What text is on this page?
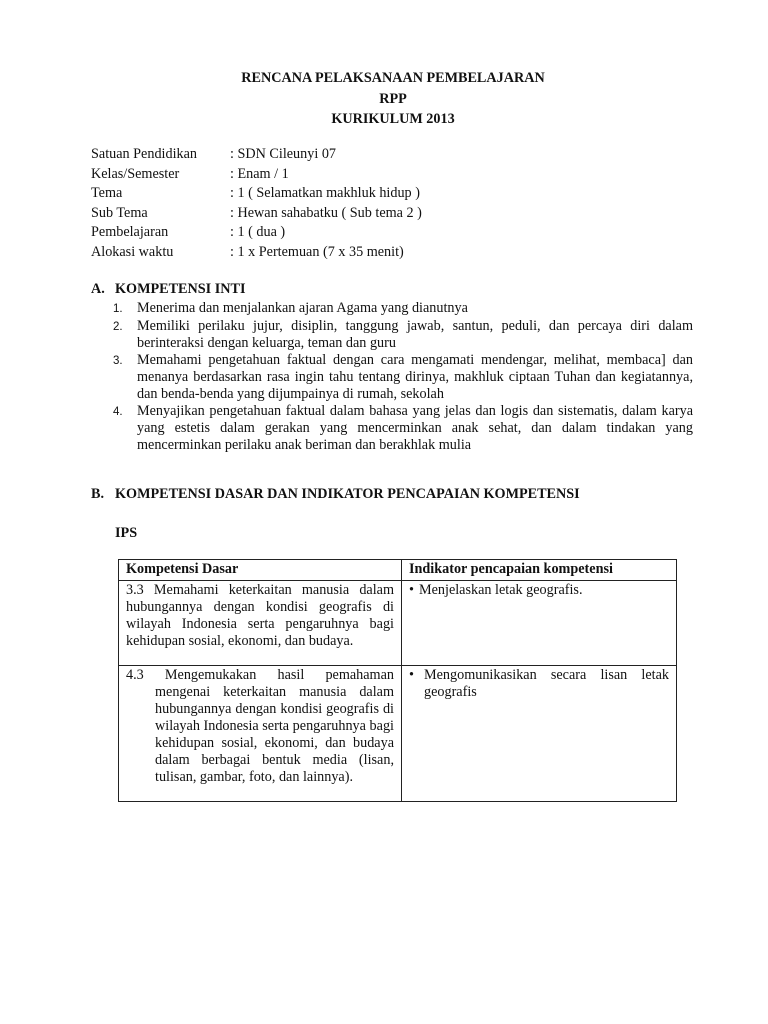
RENCANA PELAKSANAAN PEMBELAJARAN
RPP
KURIKULUM 2013
Satuan Pendidikan	: SDN Cileunyi 07
Kelas/Semester	: Enam / 1
Tema	: 1 ( Selamatkan makhluk hidup )
Sub Tema	: Hewan sahabatku ( Sub tema 2 )
Pembelajaran	: 1 ( dua )
Alokasi waktu	: 1 x Pertemuan (7 x 35 menit)
A. KOMPETENSI INTI
1.	Menerima dan menjalankan ajaran Agama yang dianutnya
2.	Memiliki perilaku jujur, disiplin, tanggung jawab, santun, peduli, dan percaya diri dalam berinteraksi dengan keluarga, teman dan guru
3.	Memahami pengetahuan faktual dengan cara mengamati mendengar, melihat, membaca] dan menanya berdasarkan rasa ingin tahu tentang dirinya, makhluk ciptaan Tuhan dan kegiatannya, dan benda-benda yang dijumpainya di rumah, sekolah
4.	Menyajikan pengetahuan faktual dalam bahasa yang jelas dan logis dan sistematis, dalam karya yang estetis dalam gerakan yang mencerminkan anak sehat, dan dalam tindakan yang mencerminkan perilaku anak beriman dan berakhlak mulia
B. KOMPETENSI DASAR DAN INDIKATOR PENCAPAIAN KOMPETENSI
IPS
Kompetensi Dasar	Indikator pencapaian kompetensi

3.3 Memahami keterkaitan manusia dalam hubungannya dengan kondisi geografis di wilayah Indonesia serta pengaruhnya bagi kehidupan sosial, ekonomi, dan budaya.	• Menjelaskan letak geografis.

4.3 Mengemukakan hasil pemahaman mengenai keterkaitan manusia dalam hubungannya dengan kondisi geografis di wilayah Indonesia serta pengaruhnya bagi kehidupan sosial, ekonomi, dan budaya dalam berbagai bentuk media (lisan, tulisan, gambar, foto, dan lainnya).	• Mengomunikasikan secara lisan letak geografis
